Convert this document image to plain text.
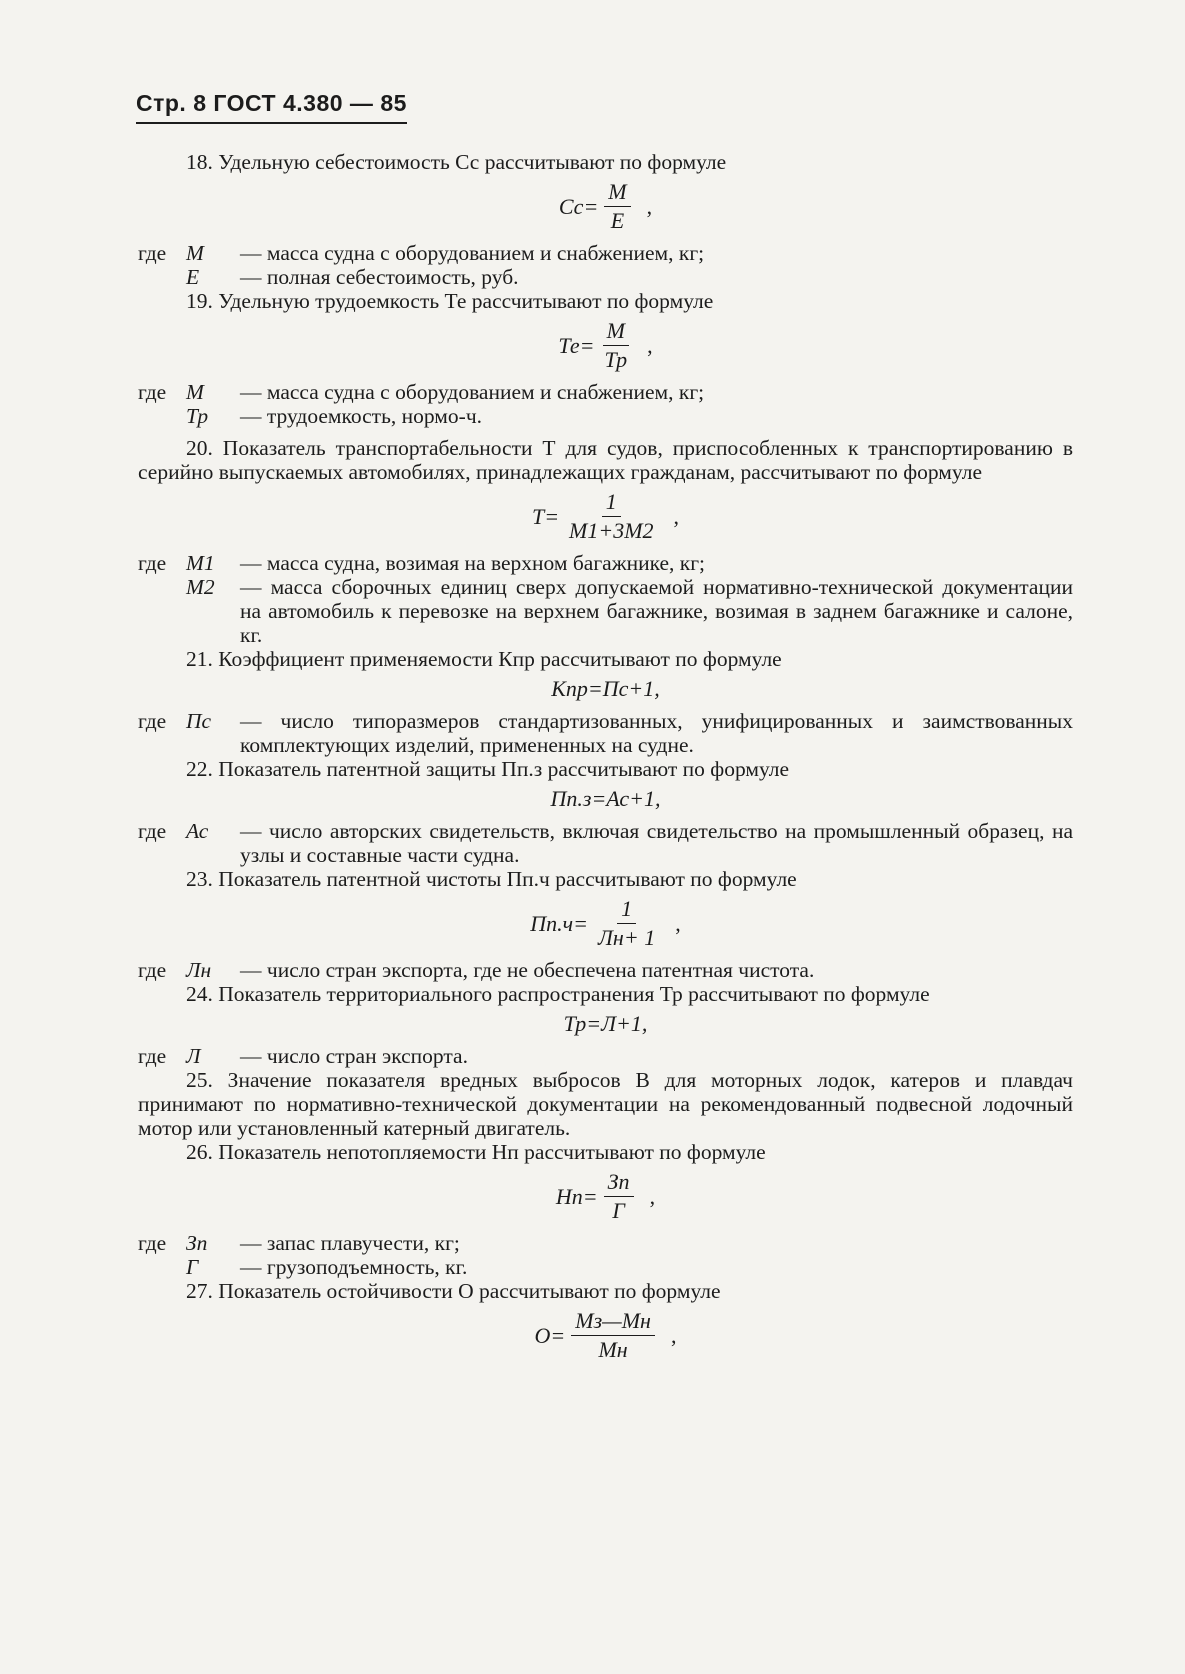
Стр. 8 ГОСТ 4.380 — 85

18. Удельную себестоимость Сс рассчитывают по формуле

$Сс= \frac{М}{Е}$ ,
где М	— масса судна с оборудованием и снабжением, кг;
Е	— полная себестоимость, руб.

19. Удельную трудоемкость Те рассчитывают по формуле

$Те= \frac{М}{Тр}$ ,
где М	— масса судна с оборудованием и снабжением, кг;
Тр	— трудоемкость, нормо-ч.

20. Показатель транспортабельности Т для судов, приспособленных к транспортированию в серийно выпускаемых автомобилях, принадлежащих гражданам, рассчитывают по формуле

$Т= \frac{1}{М1+3М2}$ ,
где М1	— масса судна, возимая на верхном багажнике, кг;
М2	— масса сборочных единиц сверх допускаемой нормативно-технической документации на автомобиль к перевозке на верхнем багажнике, возимая в заднем багажнике и салоне, кг.

21. Коэффициент применяемости Кпр рассчитывают по формуле

Кпр=Пс+1,
где Пс	— число типоразмеров стандартизованных, унифицированных и заимствованных комплектующих изделий, примененных на судне.

22. Показатель патентной защиты Пп.з рассчитывают по формуле

Пп.з=Ас+1,
где Ас	— число авторских свидетельств, включая свидетельство на промышленный образец, на узлы и составные части судна.

23. Показатель патентной чистоты Пп.ч рассчитывают по формуле

$Пп.ч= \frac{1}{Лн+ 1}$ ,
где Лн	— число стран экспорта, где не обеспечена патентная чистота.

24. Показатель территориального распространения Тр рассчитывают по формуле

Тр=Л+1,
где Л	— число стран экспорта.

25. Значение показателя вредных выбросов В для моторных лодок, катеров и плавдач принимают по нормативно-технической документации на рекомендованный подвесной лодочный мотор или установленный катерный двигатель.

26. Показатель непотопляемости Нп рассчитывают по формуле

$Нп= \frac{Зп}{Г}$ ,
где Зп	— запас плавучести, кг;
Г	— грузоподъемность, кг.

27. Показатель остойчивости О рассчитывают по формуле

$О= \frac{Мз—Мн}{Мн}$ ,
